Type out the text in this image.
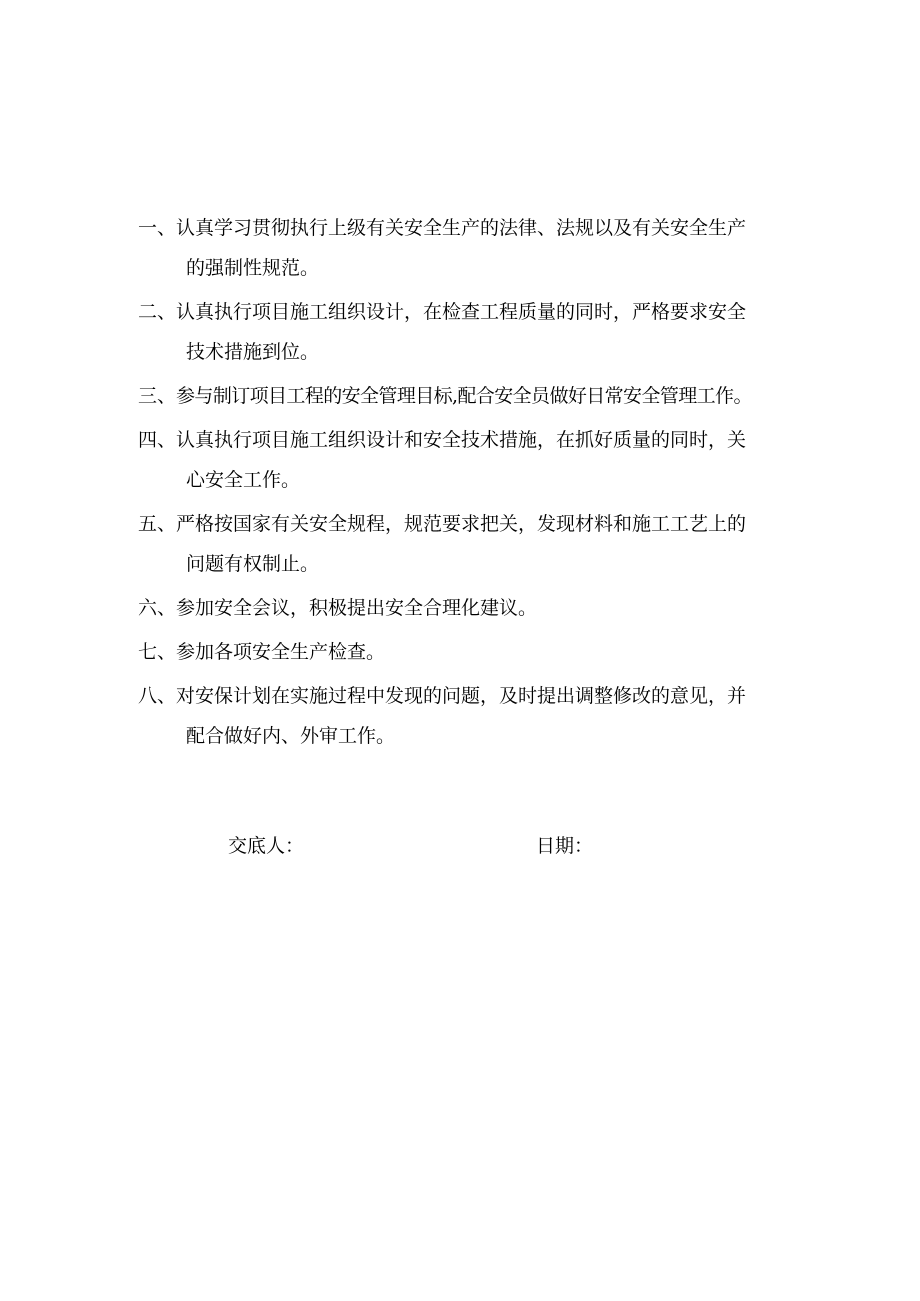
一、认真学习贯彻执行上级有关安全生产的法律、法规以及有关安全生产
的强制性规范。
二、认真执行项目施工组织设计，在检查工程质量的同时，严格要求安全
技术措施到位。
三、参与制订项目工程的安全管理目标,配合安全员做好日常安全管理工作。
四、认真执行项目施工组织设计和安全技术措施，在抓好质量的同时，关
心安全工作。
五、严格按国家有关安全规程，规范要求把关，发现材料和施工工艺上的
问题有权制止。
六、参加安全会议，积极提出安全合理化建议。
七、参加各项安全生产检查。
八、对安保计划在实施过程中发现的问题，及时提出调整修改的意见，并
配合做好内、外审工作。
交底人：	日期：
